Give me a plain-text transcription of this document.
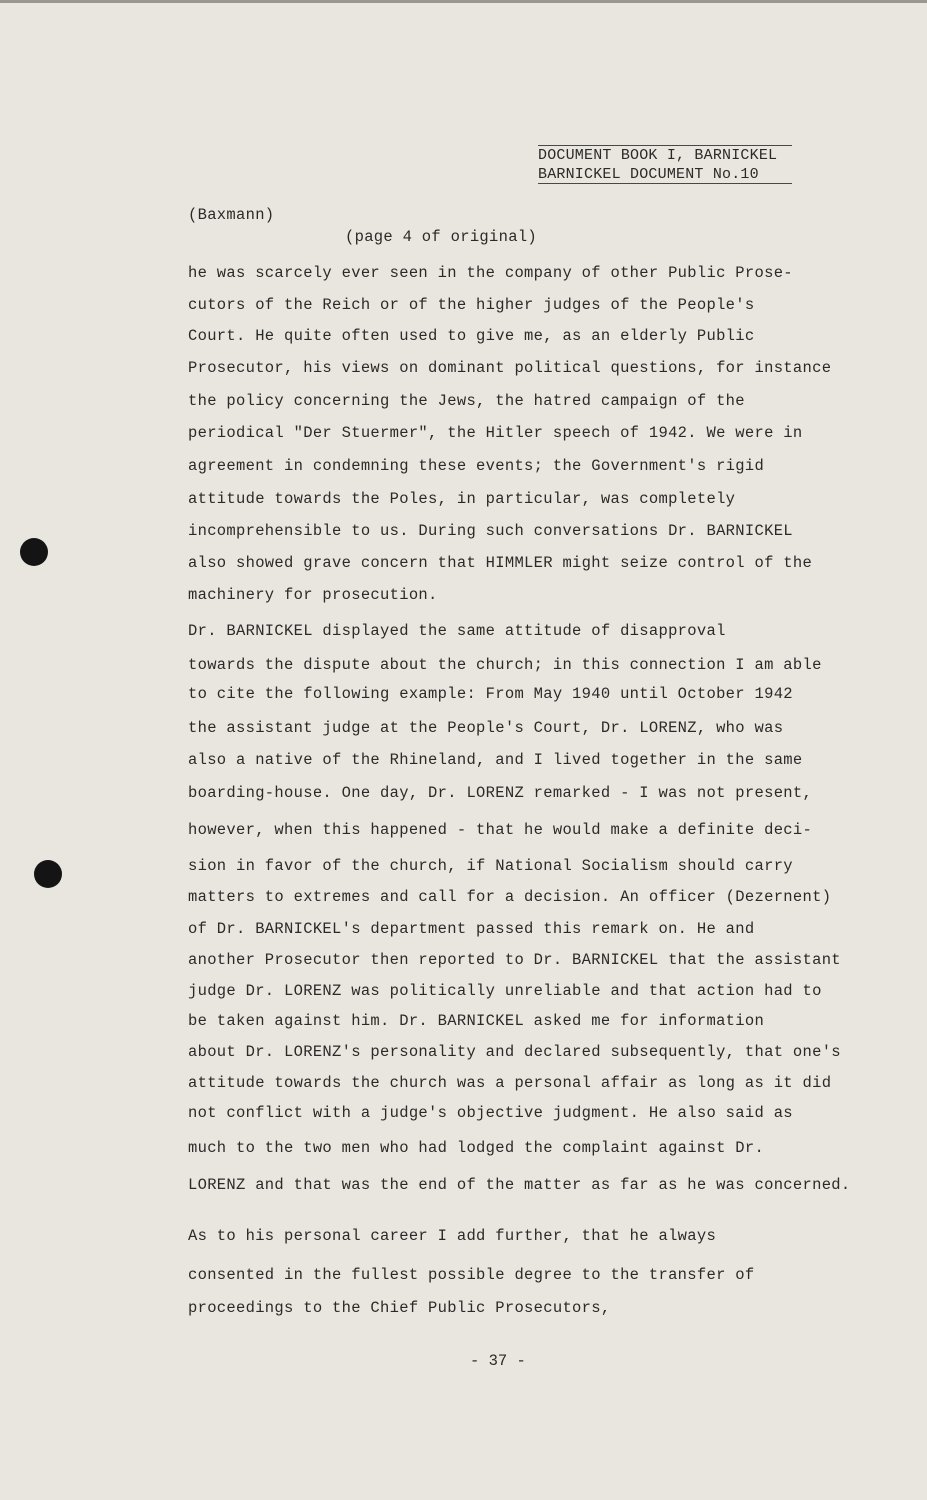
DOCUMENT BOOK I, BARNICKEL
BARNICKEL DOCUMENT No.10
(Baxmann)
(page 4 of original)
he was scarcely ever seen in the company of other Public Prose-
cutors of the Reich or of the higher judges of the People's
Court. He quite often used to give me, as an elderly Public
Prosecutor, his views on dominant political questions, for instance
the policy concerning the Jews, the hatred campaign of the
periodical "Der Stuermer", the Hitler speech of 1942. We were in
agreement in condemning these events; the Government's rigid
attitude towards the Poles, in particular, was completely
incomprehensible to us. During such conversations Dr. BARNICKEL
also showed grave concern that HIMMLER might seize control of the
machinery for prosecution.
Dr. BARNICKEL displayed the same attitude of disapproval
towards the dispute about the church; in this connection I am able
to cite the following example: From May 1940 until October 1942
the assistant judge at the People's Court, Dr. LORENZ, who was
also a native of the Rhineland, and I lived together in the same
boarding-house. One day, Dr. LORENZ remarked - I was not present,
however, when this happened - that he would make a definite deci-
sion in favor of the church, if National Socialism should carry
matters to extremes and call for a decision. An officer (Dezernent)
of Dr. BARNICKEL's department passed this remark on. He and
another Prosecutor then reported to Dr. BARNICKEL that the assistant
judge Dr. LORENZ was politically unreliable and that action had to
be taken against him. Dr. BARNICKEL asked me for information
about Dr. LORENZ's personality and declared subsequently, that one's
attitude towards the church was a personal affair as long as it did
not conflict with a judge's objective judgment. He also said as
much to the two men who had lodged the complaint against Dr.
LORENZ and that was the end of the matter as far as he was concerned.
As to his personal career I add further, that he always
consented in the fullest possible degree to the transfer of
proceedings to the Chief Public Prosecutors,
- 37 -
